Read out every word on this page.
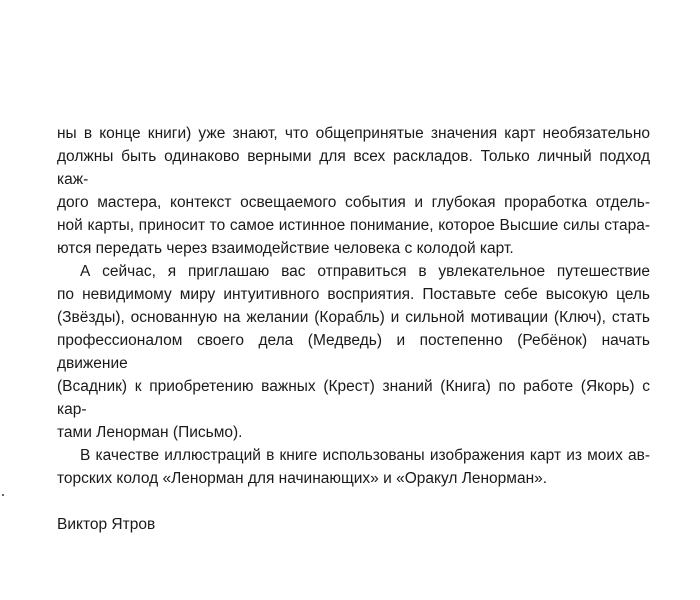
ны в конце книги) уже знают, что общепринятые значения карт необязательно
должны быть одинаково верными для всех раскладов. Только личный подход каж-
дого мастера, контекст освещаемого события и глубокая проработка отдель-
ной карты, приносит то самое истинное понимание, которое Высшие силы стара-
ются передать через взаимодействие человека с колодой карт.
А сейчас, я приглашаю вас отправиться в увлекательное путешествие
по невидимому миру интуитивного восприятия. Поставьте себе высокую цель
(Звёзды), основанную на желании (Корабль) и сильной мотивации (Ключ), стать
профессионалом своего дела (Медведь) и постепенно (Ребёнок) начать движение
(Всадник) к приобретению важных (Крест) знаний (Книга) по работе (Якорь) с кар-
тами Ленорман (Письмо).
В качестве иллюстраций в книге использованы изображения карт из моих ав-
торских колод «Ленорман для начинающих» и «Оракул Ленорман».
Виктор Ятров
